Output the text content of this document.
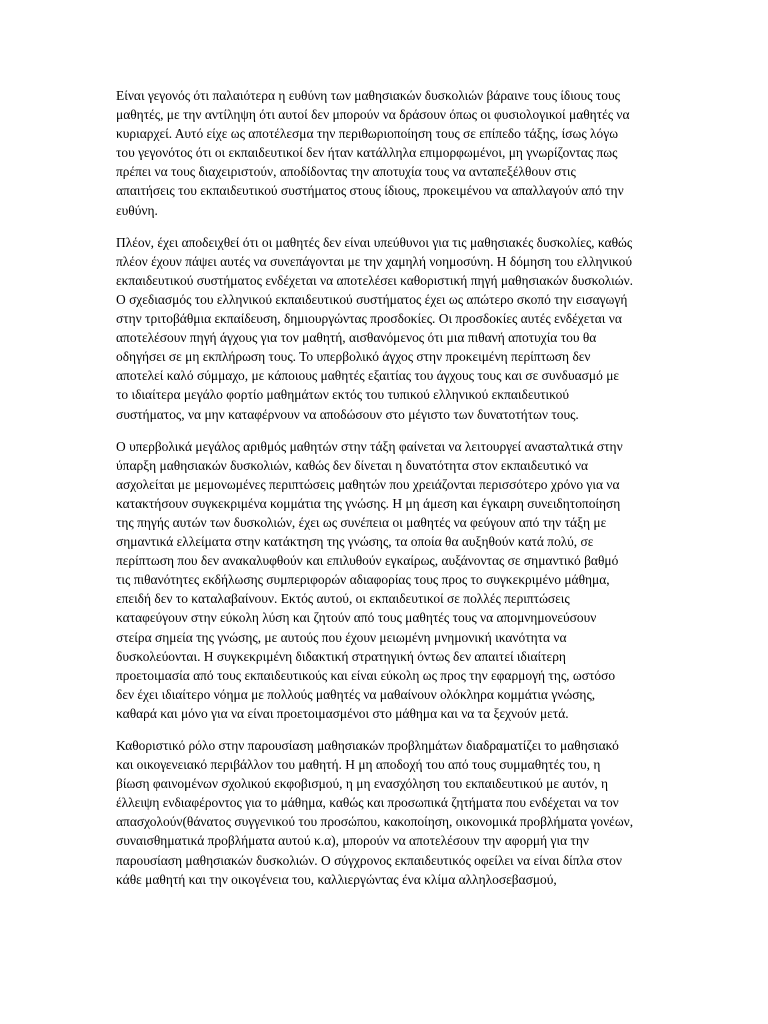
Είναι γεγονός ότι παλαιότερα η ευθύνη των μαθησιακών δυσκολιών βάραινε τους ίδιους τους μαθητές, με την αντίληψη ότι αυτοί δεν μπορούν να δράσουν όπως οι φυσιολογικοί μαθητές να κυριαρχεί. Αυτό είχε ως αποτέλεσμα την περιθωριοποίηση τους σε επίπεδο τάξης, ίσως λόγω του γεγονότος ότι οι εκπαιδευτικοί δεν ήταν κατάλληλα επιμορφωμένοι, μη γνωρίζοντας πως πρέπει να τους διαχειριστούν, αποδίδοντας την αποτυχία τους να ανταπεξέλθουν στις απαιτήσεις του εκπαιδευτικού συστήματος στους ίδιους, προκειμένου να απαλλαγούν από την ευθύνη.

Πλέον, έχει αποδειχθεί ότι οι μαθητές δεν είναι υπεύθυνοι για τις μαθησιακές δυσκολίες, καθώς πλέον έχουν πάψει αυτές να συνεπάγονται με την χαμηλή νοημοσύνη. Η δόμηση του ελληνικού εκπαιδευτικού συστήματος ενδέχεται να αποτελέσει καθοριστική πηγή μαθησιακών δυσκολιών. Ο σχεδιασμός του ελληνικού εκπαιδευτικού συστήματος έχει ως απώτερο σκοπό την εισαγωγή στην τριτοβάθμια εκπαίδευση, δημιουργώντας προσδοκίες. Οι προσδοκίες αυτές ενδέχεται να αποτελέσουν πηγή άγχους για τον μαθητή, αισθανόμενος ότι μια πιθανή αποτυχία του θα οδηγήσει σε μη εκπλήρωση τους. Το υπερβολικό άγχος στην προκειμένη περίπτωση δεν αποτελεί καλό σύμμαχο, με κάποιους μαθητές εξαιτίας του άγχους τους και σε συνδυασμό με το ιδιαίτερα μεγάλο φορτίο μαθημάτων εκτός του τυπικού ελληνικού εκπαιδευτικού συστήματος, να μην καταφέρνουν να αποδώσουν στο μέγιστο των δυνατοτήτων τους.

Ο υπερβολικά μεγάλος αριθμός μαθητών στην τάξη φαίνεται να λειτουργεί ανασταλτικά στην ύπαρξη μαθησιακών δυσκολιών, καθώς δεν δίνεται η δυνατότητα στον εκπαιδευτικό να ασχολείται με μεμονωμένες περιπτώσεις μαθητών που χρειάζονται περισσότερο χρόνο για να κατακτήσουν συγκεκριμένα κομμάτια της γνώσης. Η μη άμεση και έγκαιρη συνειδητοποίηση της πηγής αυτών των δυσκολιών, έχει ως συνέπεια οι μαθητές να φεύγουν από την τάξη με σημαντικά ελλείματα στην κατάκτηση της γνώσης, τα οποία θα αυξηθούν κατά πολύ, σε περίπτωση που δεν ανακαλυφθούν και επιλυθούν εγκαίρως, αυξάνοντας σε σημαντικό βαθμό τις πιθανότητες εκδήλωσης συμπεριφορών αδιαφορίας τους προς το συγκεκριμένο μάθημα, επειδή δεν το καταλαβαίνουν. Εκτός αυτού, οι εκπαιδευτικοί σε πολλές περιπτώσεις καταφεύγουν στην εύκολη λύση και ζητούν από τους μαθητές τους να απομνημονεύσουν στείρα σημεία της γνώσης, με αυτούς που έχουν μειωμένη μνημονική ικανότητα να δυσκολεύονται. Η συγκεκριμένη διδακτική στρατηγική όντως δεν απαιτεί ιδιαίτερη προετοιμασία από τους εκπαιδευτικούς και είναι εύκολη ως προς την εφαρμογή της, ωστόσο δεν έχει ιδιαίτερο νόημα με πολλούς μαθητές να μαθαίνουν ολόκληρα κομμάτια γνώσης, καθαρά και μόνο για να είναι προετοιμασμένοι στο μάθημα και να τα ξεχνούν μετά.

Καθοριστικό ρόλο στην παρουσίαση μαθησιακών προβλημάτων διαδραματίζει το μαθησιακό και οικογενειακό περιβάλλον του μαθητή. Η μη αποδοχή του από τους συμμαθητές του, η βίωση φαινομένων σχολικού εκφοβισμού, η μη ενασχόληση του εκπαιδευτικού με αυτόν, η έλλειψη ενδιαφέροντος για το μάθημα, καθώς και προσωπικά ζητήματα που ενδέχεται να τον απασχολούν(θάνατος συγγενικού του προσώπου, κακοποίηση, οικονομικά προβλήματα γονέων, συναισθηματικά προβλήματα αυτού κ.α), μπορούν να αποτελέσουν την αφορμή για την παρουσίαση μαθησιακών δυσκολιών. Ο σύγχρονος εκπαιδευτικός οφείλει να είναι δίπλα στον κάθε μαθητή και την οικογένεια του, καλλιεργώντας ένα κλίμα αλληλοσεβασμού,
